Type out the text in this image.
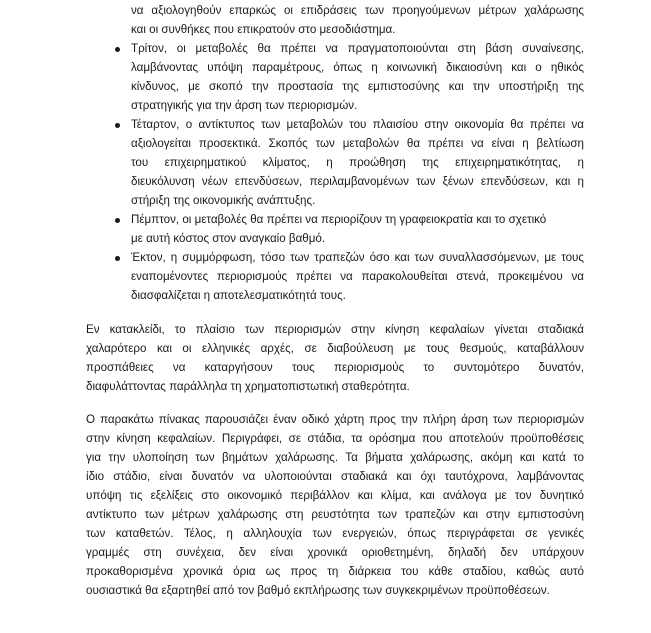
να αξιολογηθούν επαρκώς οι επιδράσεις των προηγούμενων μέτρων χαλάρωσης
και οι συνθήκες που επικρατούν στο μεσοδιάστημα.
Τρίτον, οι μεταβολές θα πρέπει να πραγματοποιούνται στη βάση συναίνεσης,
λαμβάνοντας υπόψη παραμέτρους, όπως η κοινωνική δικαιοσύνη και ο ηθικός
κίνδυνος, με σκοπό την προστασία της εμπιστοσύνης και την υποστήριξη της
στρατηγικής για την άρση των περιορισμών.
Τέταρτον, ο αντίκτυπος των μεταβολών του πλαισίου στην οικονομία θα πρέπει να
αξιολογείται προσεκτικά. Σκοπός των μεταβολών θα πρέπει να είναι η βελτίωση
του επιχειρηματικού κλίματος, η προώθηση της επιχειρηματικότητας, η
διευκόλυνση νέων επενδύσεων, περιλαμβανομένων των ξένων επενδύσεων, και η
στήριξη της οικονομικής ανάπτυξης.
Πέμπτον, οι μεταβολές θα πρέπει να περιορίζουν τη γραφειοκρατία και το σχετικό
με αυτή κόστος στον αναγκαίο βαθμό.
Έκτον, η συμμόρφωση, τόσο των τραπεζών όσο και των συναλλασσόμενων, με τους
εναπομένοντες περιορισμούς πρέπει να παρακολουθείται στενά, προκειμένου να
διασφαλίζεται η αποτελεσματικότητά τους.
Εν κατακλείδι, το πλαίσιο των περιορισμών στην κίνηση κεφαλαίων γίνεται σταδιακά
χαλαρότερο και οι ελληνικές αρχές, σε διαβούλευση με τους θεσμούς, καταβάλλουν
προσπάθειες να καταργήσουν τους περιορισμούς το συντομότερο δυνατόν,
διαφυλάττοντας παράλληλα τη χρηματοπιστωτική σταθερότητα.
Ο παρακάτω πίνακας παρουσιάζει έναν οδικό χάρτη προς την πλήρη άρση των περιορισμών
στην κίνηση κεφαλαίων. Περιγράφει, σε στάδια, τα ορόσημα που αποτελούν προϋποθέσεις
για την υλοποίηση των βημάτων χαλάρωσης. Τα βήματα χαλάρωσης, ακόμη και κατά το
ίδιο στάδιο, είναι δυνατόν να υλοποιούνται σταδιακά και όχι ταυτόχρονα, λαμβάνοντας
υπόψη τις εξελίξεις στο οικονομικό περιβάλλον και κλίμα, και ανάλογα με τον δυνητικό
αντίκτυπο των μέτρων χαλάρωσης στη ρευστότητα των τραπεζών και στην εμπιστοσύνη
των καταθετών. Τέλος, η αλληλουχία των ενεργειών, όπως περιγράφεται σε γενικές
γραμμές στη συνέχεια, δεν είναι χρονικά οριοθετημένη, δηλαδή δεν υπάρχουν
προκαθορισμένα χρονικά όρια ως προς τη διάρκεια του κάθε σταδίου, καθώς αυτό
ουσιαστικά θα εξαρτηθεί από τον βαθμό εκπλήρωσης των συγκεκριμένων προϋποθέσεων.
